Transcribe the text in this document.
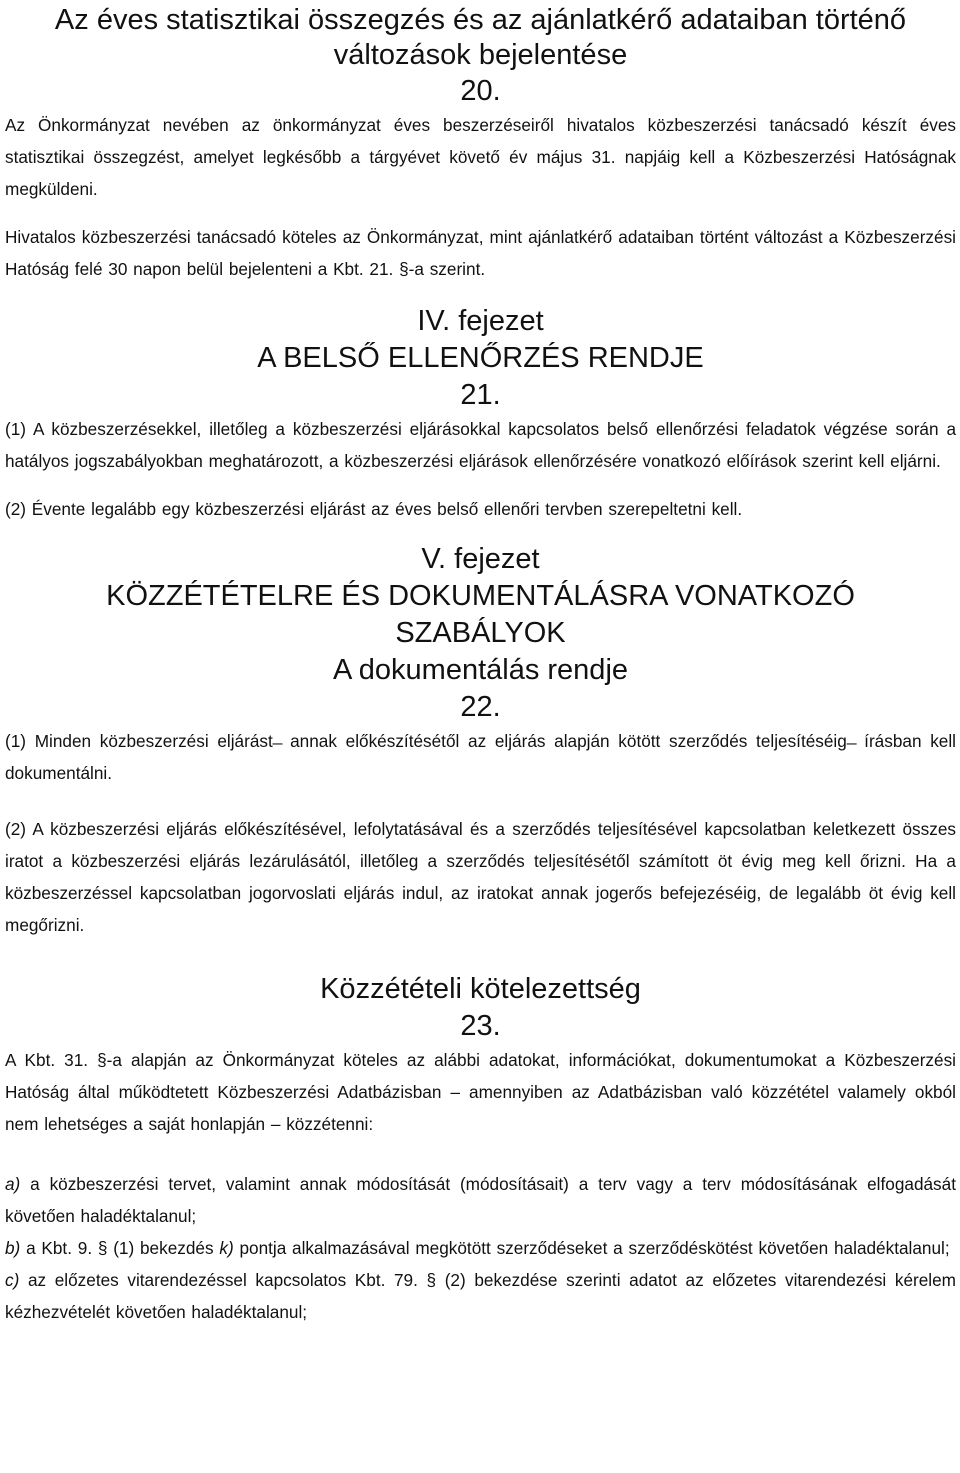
Az éves statisztikai összegzés és az ajánlatkérő adataiban történő változások bejelentése
20.

Az Önkormányzat nevében az önkormányzat éves beszerzéseiről hivatalos közbeszerzési tanácsadó készít éves statisztikai összegzést, amelyet legkésőbb a tárgyévet követő év május 31. napjáig kell a Közbeszerzési Hatóságnak megküldeni.

Hivatalos közbeszerzési tanácsadó köteles az Önkormányzat, mint ajánlatkérő adataiban történt változást a Közbeszerzési Hatóság felé 30 napon belül bejelenteni a Kbt. 21. §-a szerint.

IV. fejezet
A BELSŐ ELLENŐRZÉS RENDJE
21.

(1) A közbeszerzésekkel, illetőleg a közbeszerzési eljárásokkal kapcsolatos belső ellenőrzési feladatok végzése során a hatályos jogszabályokban meghatározott, a közbeszerzési eljárások ellenőrzésére vonatkozó előírások szerint kell eljárni.

(2) Évente legalább egy közbeszerzési eljárást az éves belső ellenőri tervben szerepeltetni kell.

V. fejezet
KÖZZÉTÉTELRE ÉS DOKUMENTÁLÁSRA VONATKOZÓ
SZABÁLYOK
A dokumentálás rendje
22.

(1) Minden közbeszerzési eljárást ̶ annak előkészítésétől az eljárás alapján kötött szerződés teljesítéséig ̶ írásban kell dokumentálni.

(2) A közbeszerzési eljárás előkészítésével, lefolytatásával és a szerződés teljesítésével kapcsolatban keletkezett összes iratot a közbeszerzési eljárás lezárulásától, illetőleg a szerződés teljesítésétől számított öt évig meg kell őrizni. Ha a közbeszerzéssel kapcsolatban jogorvoslati eljárás indul, az iratokat annak jogerős befejezéséig, de legalább öt évig kell megőrizni.

Közzétételi kötelezettség
23.

A Kbt. 31. §-a alapján az Önkormányzat köteles az alábbi adatokat, információkat, dokumentumokat a Közbeszerzési Hatóság által működtetett Közbeszerzési Adatbázisban – amennyiben az Adatbázisban való közzététel valamely okból nem lehetséges a saját honlapján – közzétenni:

a) a közbeszerzési tervet, valamint annak módosítását (módosításait) a terv vagy a terv módosításának elfogadását követően haladéktalanul;

b) a Kbt. 9. § (1) bekezdés k) pontja alkalmazásával megkötött szerződéseket a szerződéskötést követően haladéktalanul;

c) az előzetes vitarendezéssel kapcsolatos Kbt. 79. § (2) bekezdése szerinti adatot az előzetes vitarendezési kérelem kézhezvételét követően haladéktalanul;
